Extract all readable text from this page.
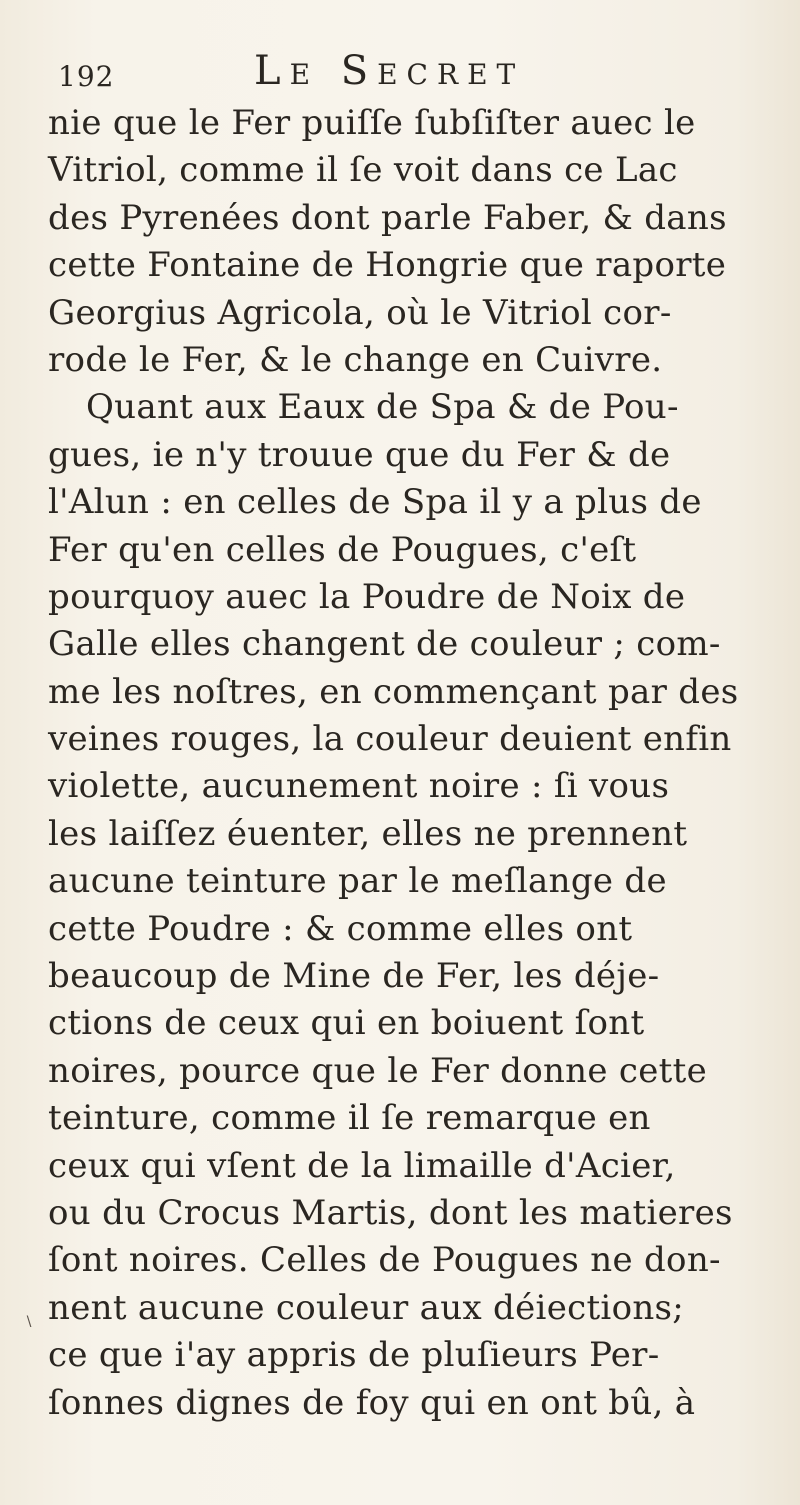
192	Le Secret
nie que le Fer puiſſe ſubſiſter auec le
Vitriol, comme il ſe voit dans ce Lac
des Pyrenées dont parle Faber, & dans
cette Fontaine de Hongrie que raporte
Georgius Agricola, où le Vitriol cor-
rode le Fer, & le change en Cuivre.
Quant aux Eaux de Spa & de Pou-
gues, ie n'y trouue que du Fer & de
l'Alun : en celles de Spa il y a plus de
Fer qu'en celles de Pougues, c'eſt
pourquoy auec la Poudre de Noix de
Galle elles changent de couleur ; com-
me les noſtres, en commençant par des
veines rouges, la couleur deuient enfin
violette, aucunement noire : ſi vous
les laiſſez éuenter, elles ne prennent
aucune teinture par le meſlange de
cette Poudre : & comme elles ont
beaucoup de Mine de Fer, les déje-
ctions de ceux qui en boiuent ſont
noires, pource que le Fer donne cette
teinture, comme il ſe remarque en
ceux qui vſent de la limaille d'Acier,
ou du Crocus Martis, dont les matieres
ſont noires. Celles de Pougues ne don-
nent aucune couleur aux déiections;
ce que i'ay appris de pluſieurs Per-
ſonnes dignes de foy qui en ont bû, à
∖
